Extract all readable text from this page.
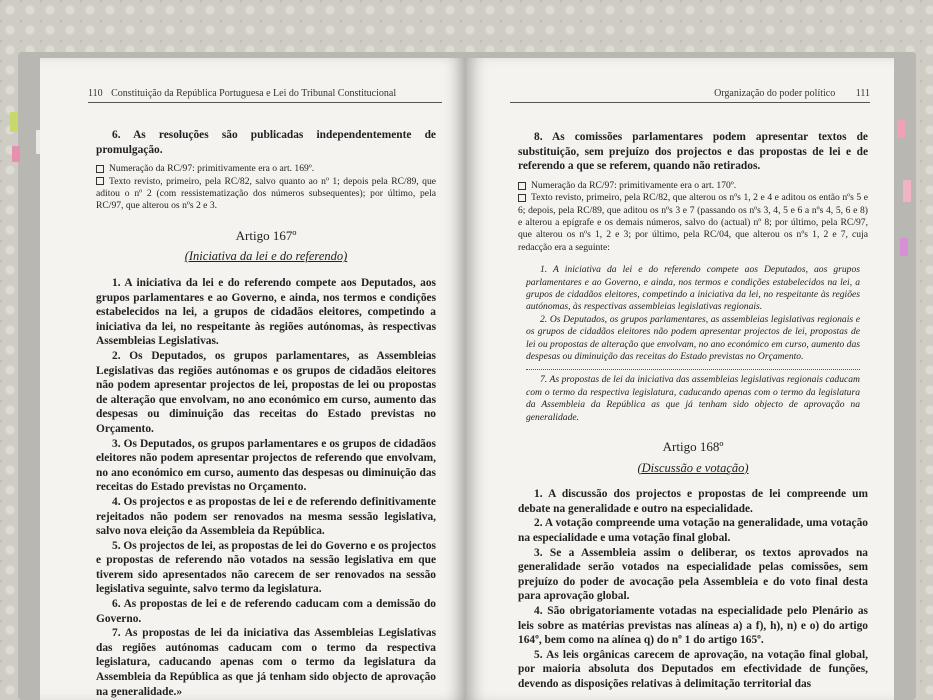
110 Constituição da República Portuguesa e Lei do Tribunal Constitucional

6. As resoluções são publicadas independentemente de promulgação.

Numeração da RC/97: primitivamente era o art. 169º.

Texto revisto, primeiro, pela RC/82, salvo quanto ao nº 1; depois pela RC/89, que aditou o nº 2 (com ressistematização dos números subsequentes); por último, pela RC/97, que alterou os nºs 2 e 3.

Artigo 167º
(Iniciativa da lei e do referendo)

1. A iniciativa da lei e do referendo compete aos Deputados, aos grupos parlamentares e ao Governo, e ainda, nos termos e condições estabelecidos na lei, a grupos de cidadãos eleitores, competindo a iniciativa da lei, no respeitante às regiões autónomas, às respectivas Assembleias Legislativas.

2. Os Deputados, os grupos parlamentares, as Assembleias Legislativas das regiões autónomas e os grupos de cidadãos eleitores não podem apresentar projectos de lei, propostas de lei ou propostas de alteração que envolvam, no ano económico em curso, aumento das despesas ou diminuição das receitas do Estado previstas no Orçamento.

3. Os Deputados, os grupos parlamentares e os grupos de cidadãos eleitores não podem apresentar projectos de referendo que envolvam, no ano económico em curso, aumento das despesas ou diminuição das receitas do Estado previstas no Orçamento.

4. Os projectos e as propostas de lei e de referendo definitivamente rejeitados não podem ser renovados na mesma sessão legislativa, salvo nova eleição da Assembleia da República.

5. Os projectos de lei, as propostas de lei do Governo e os projectos e propostas de referendo não votados na sessão legislativa em que tiverem sido apresentados não carecem de ser renovados na sessão legislativa seguinte, salvo termo da legislatura.

6. As propostas de lei e de referendo caducam com a demissão do Governo.

7. As propostas de lei da iniciativa das Assembleias Legislativas das regiões autónomas caducam com o termo da respectiva legislatura, caducando apenas com o termo da legislatura da Assembleia da República as que já tenham sido objecto de aprovação na generalidade.»

Organização do poder político 111

8. As comissões parlamentares podem apresentar textos de substituição, sem prejuízo dos projectos e das propostas de lei e de referendo a que se referem, quando não retirados.

Numeração da RC/97: primitivamente era o art. 170º.

Texto revisto, primeiro, pela RC/82, que alterou os nºs 1, 2 e 4 e aditou os então nºs 5 e 6; depois, pela RC/89, que aditou os nºs 3 e 7 (passando os nºs 3, 4, 5 e 6 a nºs 4, 5, 6 e 8) e alterou a epígrafe e os demais números, salvo do (actual) nº 8; por último, pela RC/97, que alterou os nºs 1, 2 e 3; por último, pela RC/04, que alterou os nºs 1, 2 e 7, cuja redacção era a seguinte:

1. A iniciativa da lei e do referendo compete aos Deputados, aos grupos parlamentares e ao Governo, e ainda, nos termos e condições estabelecidos na lei, a grupos de cidadãos eleitores, competindo a iniciativa da lei, no respeitante às regiões autónomas, às respectivas assembleias legislativas regionais.

2. Os Deputados, os grupos parlamentares, as assembleias legislativas regionais e os grupos de cidadãos eleitores não podem apresentar projectos de lei, propostas de lei ou propostas de alteração que envolvam, no ano económico em curso, aumento das despesas ou diminuição das receitas do Estado previstas no Orçamento.

7. As propostas de lei da iniciativa das assembleias legislativas regionais caducam com o termo da respectiva legislatura, caducando apenas com o termo da legislatura da Assembleia da República as que já tenham sido objecto de aprovação na generalidade.

Artigo 168º
(Discussão e votação)

1. A discussão dos projectos e propostas de lei compreende um debate na generalidade e outro na especialidade.

2. A votação compreende uma votação na generalidade, uma votação na especialidade e uma votação final global.

3. Se a Assembleia assim o deliberar, os textos aprovados na generalidade serão votados na especialidade pelas comissões, sem prejuízo do poder de avocação pela Assembleia e do voto final desta para aprovação global.

4. São obrigatoriamente votadas na especialidade pelo Plenário as leis sobre as matérias previstas nas alíneas a) a f), h), n) e o) do artigo 164º, bem como na alínea q) do nº 1 do artigo 165º.

5. As leis orgânicas carecem de aprovação, na votação final global, por maioria absoluta dos Deputados em efectividade de funções, devendo as disposições relativas à delimitação territorial das
